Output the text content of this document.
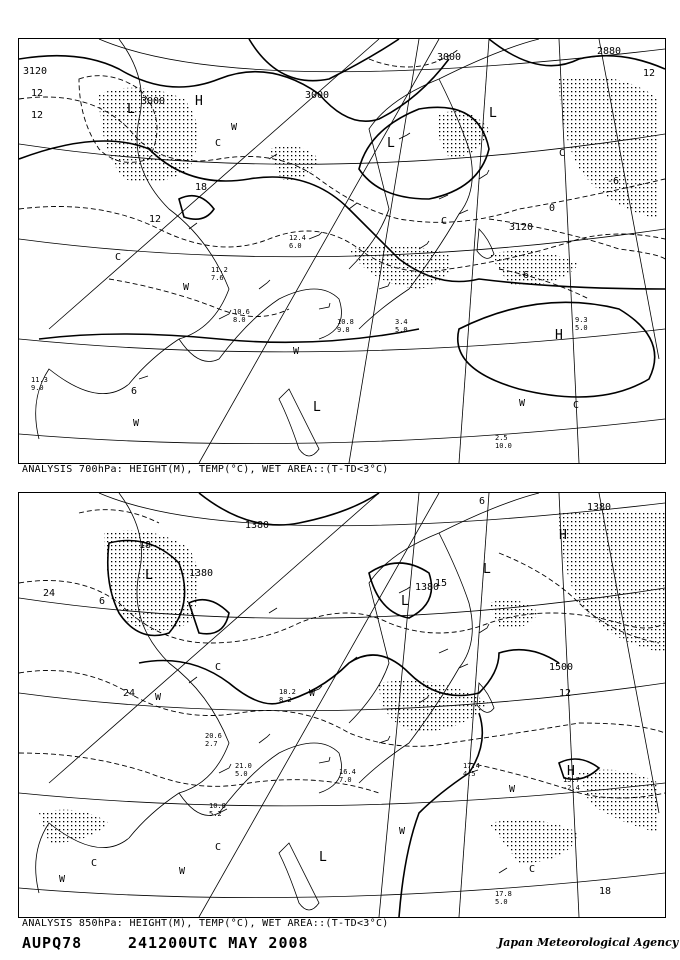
3120
3000
3000
3000
2880
3120
12
12
18
12
12
-6
0
6
-6
L
L
L
L
H
H
W
W
W
W
C
C
C
C
C
W
10.6
8.0
11.2
7.6
12.4
6.0
3.4
5.0
9.3
5.0
10.8
9.8
11.3
9.0
2.5
10.0
ANALYSIS 700hPa: HEIGHT(M), TEMP(°C), WET AREA::(T-TD<3°C)
1380
1380
1380
1500
1380
24
24
18
6
12
18
15
6
L
L
L
L
H
H
W
W
W
W
W
C
C
C
C
W
17.4
4.5
15.7
-2.4
20.6
2.7
18.2
8.2
17.8
5.0
16.4
7.0
21.0
5.0
10.8
5.2
ANALYSIS 850hPa: HEIGHT(M), TEMP(°C), WET AREA::(T-TD<3°C)
AUPQ78	241200UTC MAY 2008	Japan Meteorological Agency
